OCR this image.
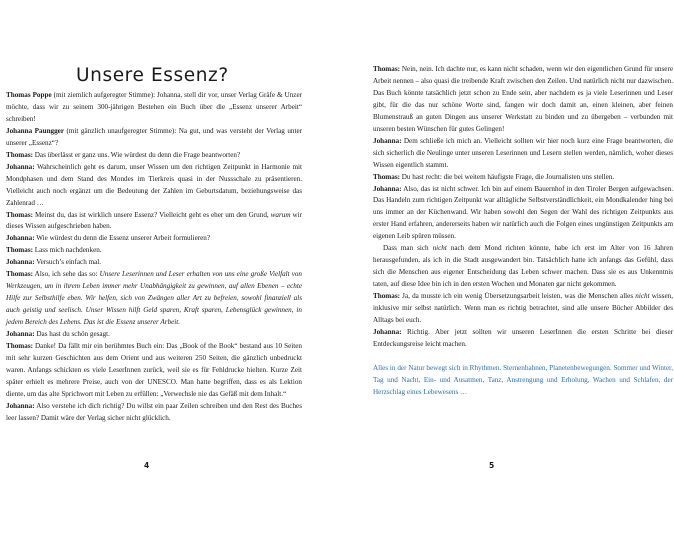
Unsere Essenz?

Thomas Poppe (mit ziemlich aufgeregter Stimme): Johanna, stell dir vor, unser Verlag Gräfe & Unzer möchte, dass wir zu seinem 300-jährigen Bestehen ein Buch über die „Essenz unserer Arbeit“ schreiben!

Johanna Paungger (mit gänzlich unaufgeregter Stimme): Na gut, und was versteht der Verlag unter unserer „Essenz“?

Thomas: Das überlässt er ganz uns. Wie würdest du denn die Frage beantworten?

Johanna: Wahrscheinlich geht es darum, unser Wissen um den richtigen Zeitpunkt in Harmonie mit Mondphasen und dem Stand des Mondes im Tierkreis quasi in der Nussschale zu präsentieren. Vielleicht auch noch ergänzt um die Bedeutung der Zahlen im Geburtsdatum, beziehungsweise das Zahlenrad …

Thomas: Meinst du, das ist wirklich unsere Essenz? Vielleicht geht es eher um den Grund, warum wir dieses Wissen aufgeschrieben haben.

Johanna: Wie würdest du denn die Essenz unserer Arbeit formulieren?

Thomas: Lass mich nachdenken.

Johanna: Versuch’s einfach mal.

Thomas: Also, ich sehe das so: Unsere Leserinnen und Leser erhalten von uns eine große Vielfalt von Werkzeugen, um in ihrem Leben immer mehr Unabhängigkeit zu gewinnen, auf allen Ebenen – echte Hilfe zur Selbsthilfe eben. Wir helfen, sich von Zwängen aller Art zu befreien, sowohl finanziell als auch geistig und seelisch. Unser Wissen hilft Geld sparen, Kraft sparen, Lebensglück gewinnen, in jedem Bereich des Lebens. Das ist die Essenz unserer Arbeit.

Johanna: Das hast du schön gesagt.

Thomas: Danke! Da fällt mir ein berühmtes Buch ein: Das „Book of the Book“ bestand aus 10 Seiten mit sehr kurzen Geschichten aus dem Orient und aus weiteren 250 Seiten, die gänzlich unbedruckt waren. Anfangs schickten es viele LeserInnen zurück, weil sie es für Fehldrucke hielten. Kurze Zeit später erhielt es mehrere Preise, auch von der UNESCO. Man hatte begriffen, dass es als Lektion diente, um das alte Sprichwort mit Leben zu erfüllen: „Verwechsle nie das Gefäß mit dem Inhalt.“

Johanna: Also verstehe ich dich richtig? Du willst ein paar Zeilen schreiben und den Rest des Buches leer lassen? Damit wäre der Verlag sicher nicht glücklich.

4

Thomas: Nein, nein. Ich dachte nur, es kann nicht schaden, wenn wir den eigentlichen Grund für unsere Arbeit nennen – also quasi die treibende Kraft zwischen den Zeilen. Und natürlich nicht nur dazwischen. Das Buch könnte tatsächlich jetzt schon zu Ende sein, aber nachdem es ja viele Leserinnen und Leser gibt, für die das nur schöne Worte sind, fangen wir doch damit an, einen kleinen, aber feinen Blumenstrauß an guten Dingen aus unserer Werkstatt zu binden und zu übergeben – verbunden mit unseren besten Wünschen für gutes Gelingen!

Johanna: Dem schließe ich mich an. Vielleicht sollten wir hier noch kurz eine Frage beantworten, die sich sicherlich die Neulinge unter unseren Leserinnen und Lesern stellen werden, nämlich, woher dieses Wissen eigentlich stammt.

Thomas: Du hast recht: die bei weitem häufigste Frage, die Journalisten uns stellen.

Johanna: Also, das ist nicht schwer. Ich bin auf einem Bauernhof in den Tiroler Bergen aufgewachsen. Das Handeln zum richtigen Zeitpunkt war alltägliche Selbstverständlichkeit, ein Mondkalender hing bei uns immer an der Küchenwand. Wir haben sowohl den Segen der Wahl des richtigen Zeitpunkts aus erster Hand erfahren, andererseits haben wir natürlich auch die Folgen eines ungünstigen Zeitpunkts am eigenen Leib spüren müssen.

Dass man sich nicht nach dem Mond richten könnte, habe ich erst im Alter von 16 Jahren herausgefunden, als ich in die Stadt ausgewandert bin. Tatsächlich hatte ich anfangs das Gefühl, dass sich die Menschen aus eigener Entscheidung das Leben schwer machen. Dass sie es aus Unkenntnis taten, auf diese Idee bin ich in den ersten Wochen und Monaten gar nicht gekommen.

Thomas: Ja, da musste ich ein wenig Übersetzungsarbeit leisten, was die Menschen alles nicht wissen, inklusive mir selbst natürlich. Wenn man es richtig betrachtet, sind alle unsere Bücher Abbilder des Alltags bei euch.

Johanna: Richtig. Aber jetzt sollten wir unseren LeserInnen die ersten Schritte bei dieser Entdeckungsreise leicht machen.

Alles in der Natur bewegt sich in Rhythmen. Sternenbahnen, Planetenbewegungen. Sommer und Winter, Tag und Nacht, Ein- und Ausatmen, Tanz, Anstrengung und Erholung, Wachen und Schlafen, der Herzschlag eines Lebewesens …

5
